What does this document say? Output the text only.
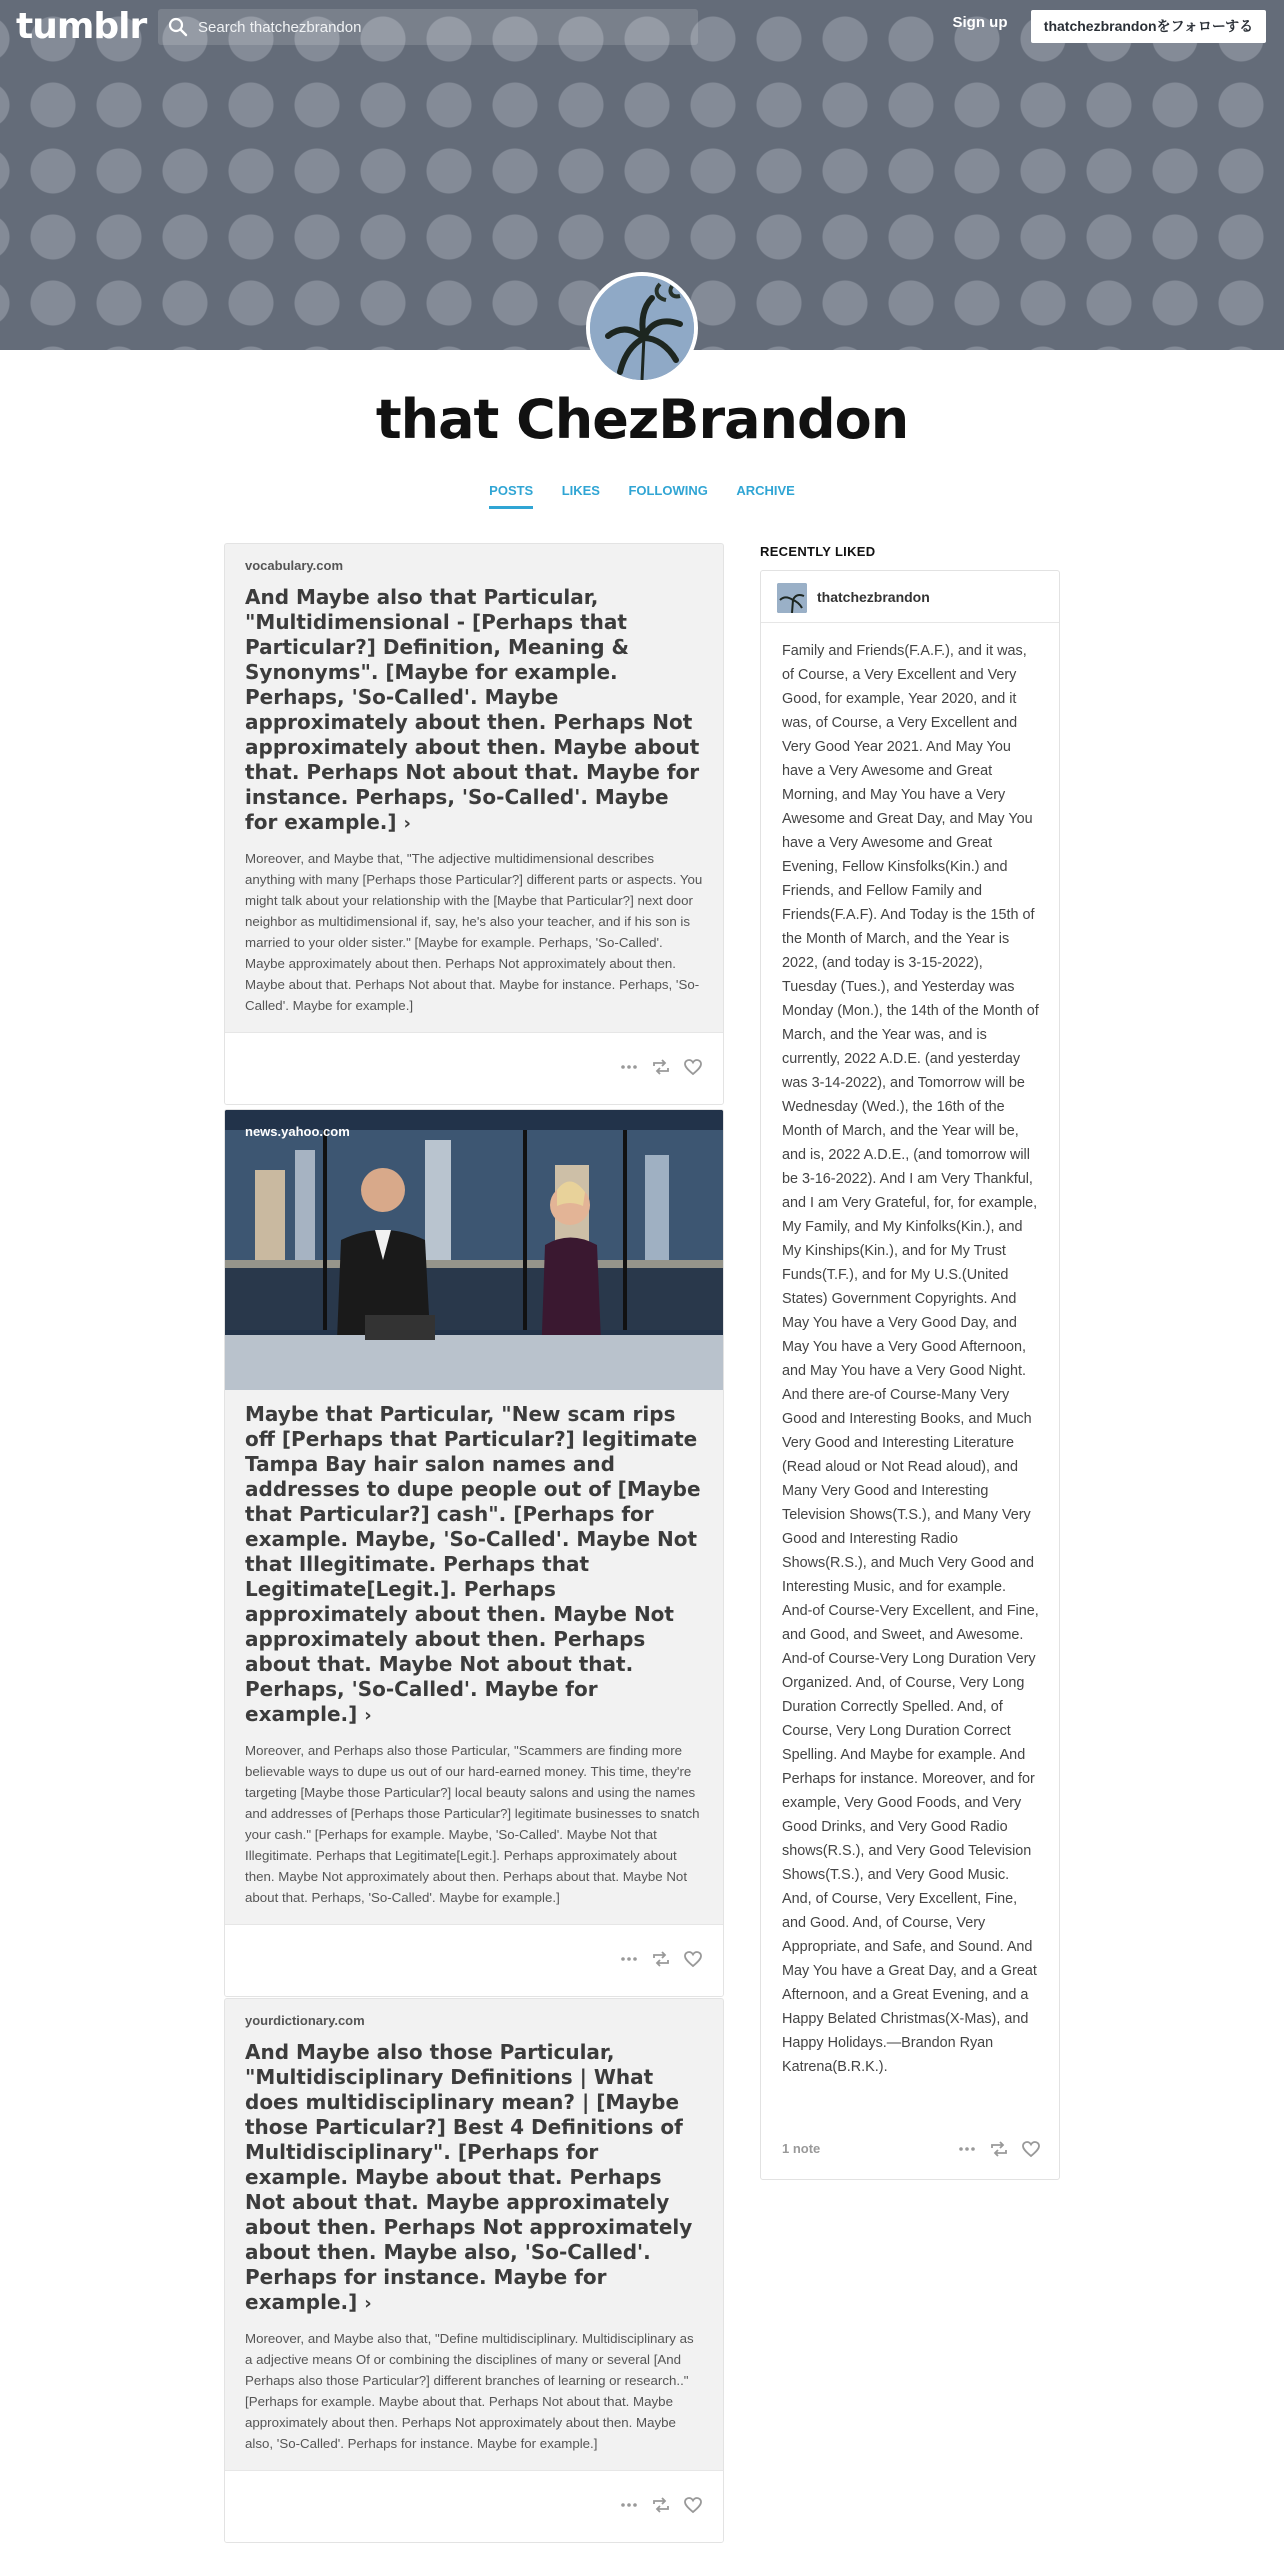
tumblr
Search thatchezbrandon	Sign up	thatchezbrandonをフォローする
that ChezBrandon
POSTS LIKES FOLLOWING ARCHIVE
vocabulary.com
And Maybe also that Particular, "Multidimensional - [Perhaps that Particular?] Definition, Meaning & Synonyms". [Maybe for example. Perhaps, 'So-Called'. Maybe approximately about then. Perhaps Not approximately about then. Maybe about that. Perhaps Not about that. Maybe for instance. Perhaps, 'So-Called'. Maybe for example.] ›
Moreover, and Maybe that, "The adjective multidimensional describes anything with many [Perhaps those Particular?] different parts or aspects. You might talk about your relationship with the [Maybe that Particular?] next door neighbor as multidimensional if, say, he's also your teacher, and if his son is married to your older sister." [Maybe for example. Perhaps, 'So-Called'. Maybe approximately about then. Perhaps Not approximately about then. Maybe about that. Perhaps Not about that. Maybe for instance. Perhaps, 'So-Called'. Maybe for example.]
news.yahoo.com
Maybe that Particular, "New scam rips off [Perhaps that Particular?] legitimate Tampa Bay hair salon names and addresses to dupe people out of [Maybe that Particular?] cash". [Perhaps for example. Maybe, 'So-Called'. Maybe Not that Illegitimate. Perhaps that Legitimate[Legit.]. Perhaps approximately about then. Maybe Not approximately about then. Perhaps about that. Maybe Not about that. Perhaps, 'So-Called'. Maybe for example.] ›
Moreover, and Perhaps also those Particular, "Scammers are finding more believable ways to dupe us out of our hard-earned money. This time, they're targeting [Maybe those Particular?] local beauty salons and using the names and addresses of [Perhaps those Particular?] legitimate businesses to snatch your cash." [Perhaps for example. Maybe, 'So-Called'. Maybe Not that Illegitimate. Perhaps that Legitimate[Legit.]. Perhaps approximately about then. Maybe Not approximately about then. Perhaps about that. Maybe Not about that. Perhaps, 'So-Called'. Maybe for example.]
yourdictionary.com
And Maybe also those Particular, "Multidisciplinary Definitions | What does multidisciplinary mean? | [Maybe those Particular?] Best 4 Definitions of Multidisciplinary". [Perhaps for example. Maybe about that. Perhaps Not about that. Maybe approximately about then. Perhaps Not approximately about then. Maybe also, 'So-Called'. Perhaps for instance. Maybe for example.] ›
Moreover, and Maybe also that, "Define multidisciplinary. Multidisciplinary as a adjective means Of or combining the disciplines of many or several [And Perhaps also those Particular?] different branches of learning or research.."[Perhaps for example. Maybe about that. Perhaps Not about that. Maybe approximately about then. Perhaps Not approximately about then. Maybe also, 'So-Called'. Perhaps for instance. Maybe for example.]
RECENTLY LIKED
thatchezbrandon
Family and Friends(F.A.F.), and it was, of Course, a Very Excellent and Very Good, for example, Year 2020, and it was, of Course, a Very Excellent and Very Good Year 2021. And May You have a Very Awesome and Great Morning, and May You have a Very Awesome and Great Day, and May You have a Very Awesome and Great Evening, Fellow Kinsfolks(Kin.) and Friends, and Fellow Family and Friends(F.A.F). And Today is the 15th of the Month of March, and the Year is 2022, (and today is 3-15-2022), Tuesday (Tues.), and Yesterday was Monday (Mon.), the 14th of the Month of March, and the Year was, and is currently, 2022 A.D.E. (and yesterday was 3-14-2022), and Tomorrow will be Wednesday (Wed.), the 16th of the Month of March, and the Year will be, and is, 2022 A.D.E., (and tomorrow will be 3-16-2022). And I am Very Thankful, and I am Very Grateful, for, for example, My Family, and My Kinfolks(Kin.), and My Kinships(Kin.), and for My Trust Funds(T.F.), and for My U.S.(United States) Government Copyrights. And May You have a Very Good Day, and May You have a Very Good Afternoon, and May You have a Very Good Night. And there are-of Course-Many Very Good and Interesting Books, and Much Very Good and Interesting Literature (Read aloud or Not Read aloud), and Many Very Good and Interesting Television Shows(T.S.), and Many Very Good and Interesting Radio Shows(R.S.), and Much Very Good and Interesting Music, and for example. And-of Course-Very Excellent, and Fine, and Good, and Sweet, and Awesome. And-of Course-Very Long Duration Very Organized. And, of Course, Very Long Duration Correctly Spelled. And, of Course, Very Long Duration Correct Spelling. And Maybe for example. And Perhaps for instance. Moreover, and for example, Very Good Foods, and Very Good Drinks, and Very Good Radio shows(R.S.), and Very Good Television Shows(T.S.), and Very Good Music. And, of Course, Very Excellent, Fine, and Good. And, of Course, Very Appropriate, and Safe, and Sound. And May You have a Great Day, and a Great Afternoon, and a Great Evening, and a Happy Belated Christmas(X-Mas), and Happy Holidays.—Brandon Ryan Katrena(B.R.K.).
1 note
